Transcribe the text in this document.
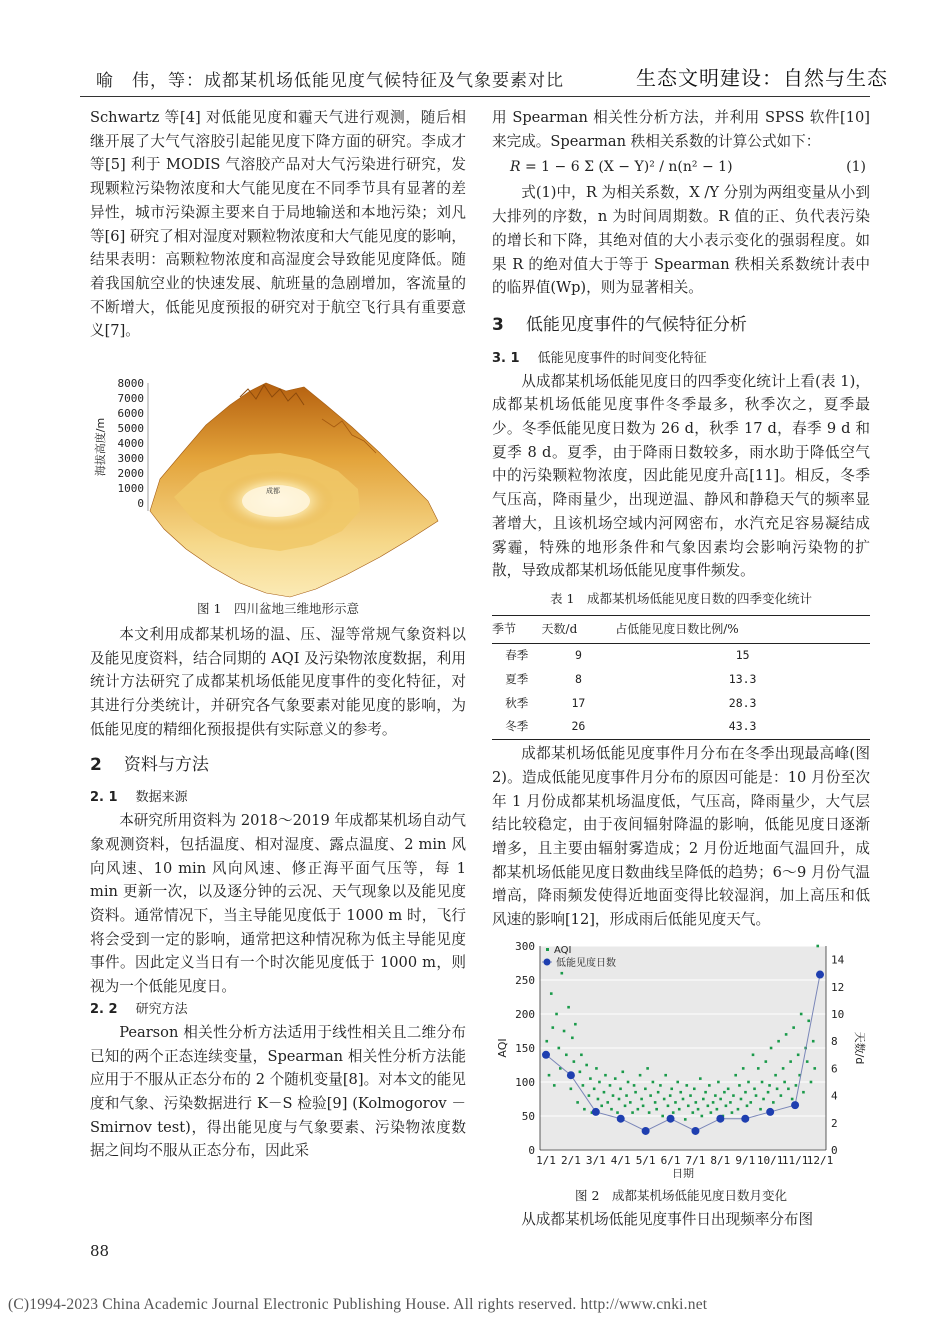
喻　伟，等：成都某机场低能见度气候特征及气象要素对比	生态文明建设：自然与生态

Schwartz 等[4] 对低能见度和霾天气进行观测，随后相继开展了大气气溶胶引起能见度下降方面的研究。李成才等[5] 利于 MODIS 气溶胶产品对大气污染进行研究，发现颗粒污染物浓度和大气能见度在不同季节具有显著的差异性，城市污染源主要来自于局地输送和本地污染；刘凡等[6] 研究了相对湿度对颗粒物浓度和大气能见度的影响，结果表明：高颗粒物浓度和高湿度会导致能见度降低。随着我国航空业的快速发展、航班量的急剧增加，客流量的不断增大，低能见度预报的研究对于航空飞行具有重要意义[7]。

成都
8000
7000
6000
5000
4000
3000
2000
1000
0
海拔高度/m
图 1　四川盆地三维地形示意

本文利用成都某机场的温、压、湿等常规气象资料以及能见度资料，结合同期的 AQI 及污染物浓度数据，利用统计方法研究了成都某机场低能见度事件的变化特征，对其进行分类统计，并研究各气象要素对能见度的影响，为低能见度的精细化预报提供有实际意义的参考。

2 资料与方法
2. 1 数据来源

本研究所用资料为 2018～2019 年成都某机场自动气象观测资料，包括温度、相对湿度、露点温度、2 min 风向风速、10 min 风向风速、修正海平面气压等，每 1 min 更新一次，以及逐分钟的云况、天气现象以及能见度资料。通常情况下，当主导能见度低于 1000 m 时，飞行将会受到一定的影响，通常把这种情况称为低主导能见度事件。因此定义当日有一个时次能见度低于 1000 m，则视为一个低能见度日。

2. 2 研究方法

Pearson 相关性分析方法适用于线性相关且二维分布已知的两个正态连续变量，Spearman 相关性分析方法能应用于不服从正态分布的 2 个随机变量[8]。对本文的能见度和气象、污染数据进行 K－S 检验[9] (Kolmogorov － Smirnov test)，得出能见度与气象要素、污染物浓度数据之间均不服从正态分布，因此采

用 Spearman 相关性分析方法，并利用 SPSS 软件[10] 来完成。Spearman 秩相关系数的计算公式如下：

R = 1 − 6 Σ (X − Y)² / n(n² − 1)	(1)

式(1)中，R 为相关系数，X /Y 分别为两组变量从小到大排列的序数，n 为时间周期数。R 值的正、负代表污染的增长和下降，其绝对值的大小表示变化的强弱程度。如果 R 的绝对值大于等于 Spearman 秩相关系数统计表中的临界值(Wp)，则为显著相关。

3 低能见度事件的气候特征分析
3. 1 低能见度事件的时间变化特征

从成都某机场低能见度日的四季变化统计上看(表 1)，成都某机场低能见度事件冬季最多，秋季次之，夏季最少。冬季低能见度日数为 26 d，秋季 17 d，春季 9 d 和夏季 8 d。夏季，由于降雨日数较多，雨水助于降低空气中的污染颗粒物浓度，因此能见度升高[11]。相反，冬季气压高，降雨量少，出现逆温、静风和静稳天气的频率显著增大，且该机场空域内河网密布，水汽充足容易凝结成雾霾，特殊的地形条件和气象因素均会影响污染物的扩散，导致成都某机场低能见度事件频发。

表 1　成都某机场低能见度日数的四季变化统计
季节	天数/d	占低能见度日数比例/%
春季	9	15
夏季	8	13.3
秋季	17	28.3
冬季	26	43.3

成都某机场低能见度事件月分布在冬季出现最高峰(图 2)。造成低能见度事件月分布的原因可能是：10 月份至次年 1 月份成都某机场温度低，气压高，降雨量少，大气层结比较稳定，由于夜间辐射降温的影响，低能见度日逐渐增多，且主要由辐射雾造成；2 月份近地面气温回升，成都某机场低能见度日数曲线呈降低的趋势；6～9 月份气温增高，降雨频发使得近地面变得比较湿润，加上高压和低风速的影响[12]，形成雨后低能见度天气。

0
50
100
150
200
250
300
0
2
4
6
8
10
12
14
1/1 2/1 3/1 4/1 5/1 6/1 7/1 8/1 9/1 10/1
11/1
12/1
日期
AQI	天数/d
AQI
低能见度日数
图 2　成都某机场低能见度日数月变化

从成都某机场低能见度事件日出现频率分布图

88
(C)1994-2023 China Academic Journal Electronic Publishing House. All rights reserved. http://www.cnki.net
